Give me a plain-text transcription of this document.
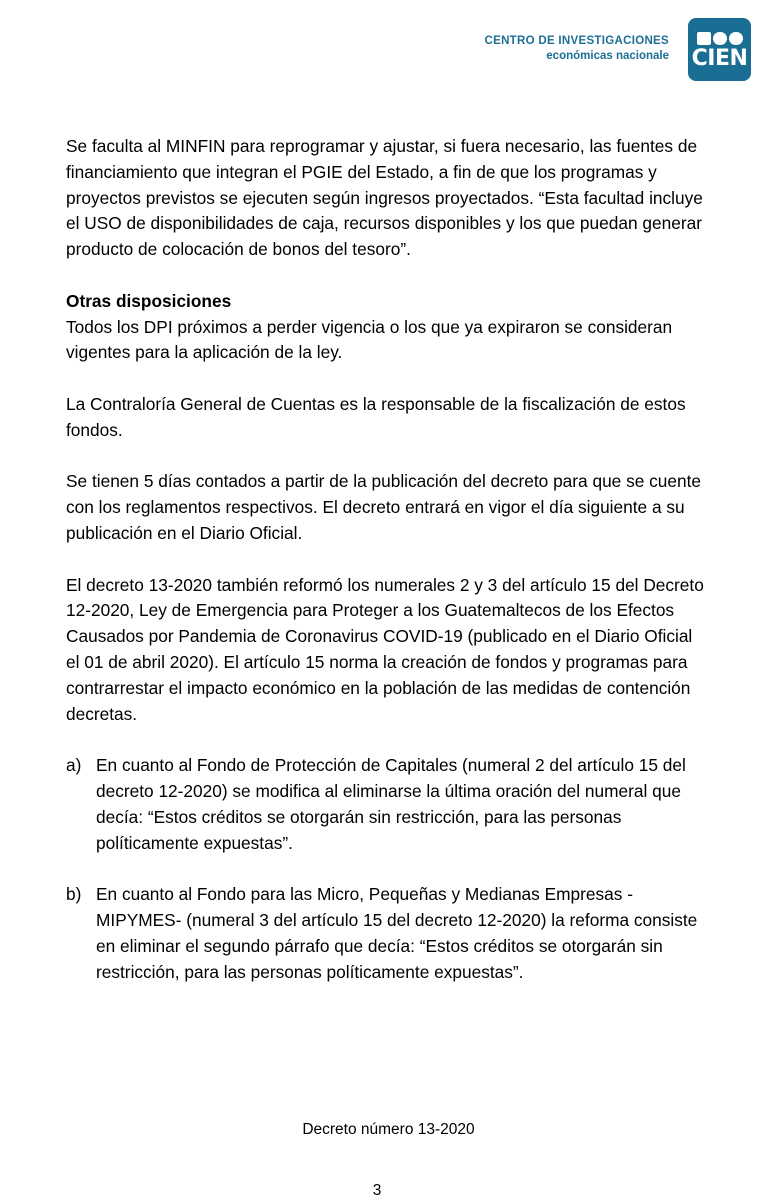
CENTRO DE INVESTIGACIONES
económicas nacionale CIEN

Se faculta al MINFIN para reprogramar y ajustar, si fuera necesario, las fuentes de financiamiento que integran el PGIE del Estado, a fin de que los programas y proyectos previstos se ejecuten según ingresos proyectados. “Esta facultad incluye el USO de disponibilidades de caja, recursos disponibles y los que puedan generar producto de colocación de bonos del tesoro”.

Otras disposiciones
Todos los DPI próximos a perder vigencia o los que ya expiraron se consideran vigentes para la aplicación de la ley.

La Contraloría General de Cuentas es la responsable de la fiscalización de estos fondos.

Se tienen 5 días contados a partir de la publicación del decreto para que se cuente con los reglamentos respectivos. El decreto entrará en vigor el día siguiente a su publicación en el Diario Oficial.

El decreto 13-2020 también reformó los numerales 2 y 3 del artículo 15 del Decreto 12-2020, Ley de Emergencia para Proteger a los Guatemaltecos de los Efectos Causados por Pandemia de Coronavirus COVID-19 (publicado en el Diario Oficial el 01 de abril 2020). El artículo 15 norma la creación de fondos y programas para contrarrestar el impacto económico en la población de las medidas de contención decretas.

a) En cuanto al Fondo de Protección de Capitales (numeral 2 del artículo 15 del decreto 12-2020) se modifica al eliminarse la última oración del numeral que decía: “Estos créditos se otorgarán sin restricción, para las personas políticamente expuestas”.
b) En cuanto al Fondo para las Micro, Pequeñas y Medianas Empresas -MIPYMES- (numeral 3 del artículo 15 del decreto 12-2020) la reforma consiste en eliminar el segundo párrafo que decía: “Estos créditos se otorgarán sin restricción, para las personas políticamente expuestas”.
Decreto número 13-2020
3
